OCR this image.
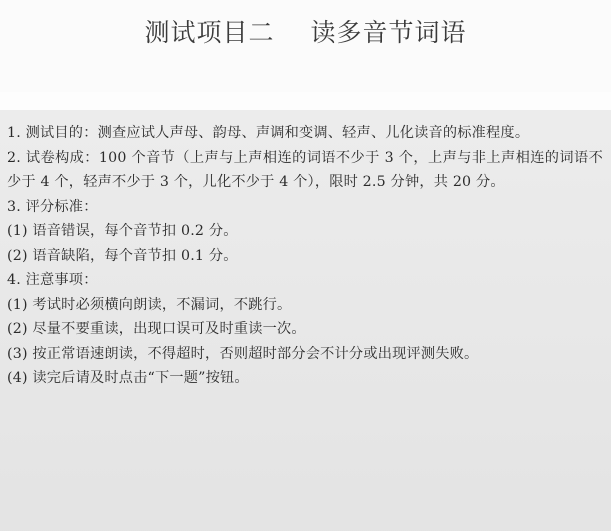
测试项目二 读多音节词语

1. 测试目的：测查应试人声母、韵母、声调和变调、轻声、儿化读音的标准程度。

2. 试卷构成：100 个音节（上声与上声相连的词语不少于 3 个，上声与非上声相连的词语不少于 4 个，轻声不少于 3 个，儿化不少于 4 个），限时 2.5 分钟，共 20 分。

3. 评分标准：

(1) 语音错误，每个音节扣 0.2 分。

(2) 语音缺陷，每个音节扣 0.1 分。

4. 注意事项：

(1) 考试时必须横向朗读，不漏词，不跳行。

(2) 尽量不要重读，出现口误可及时重读一次。

(3) 按正常语速朗读，不得超时，否则超时部分会不计分或出现评测失败。

(4) 读完后请及时点击“下一题”按钮。
